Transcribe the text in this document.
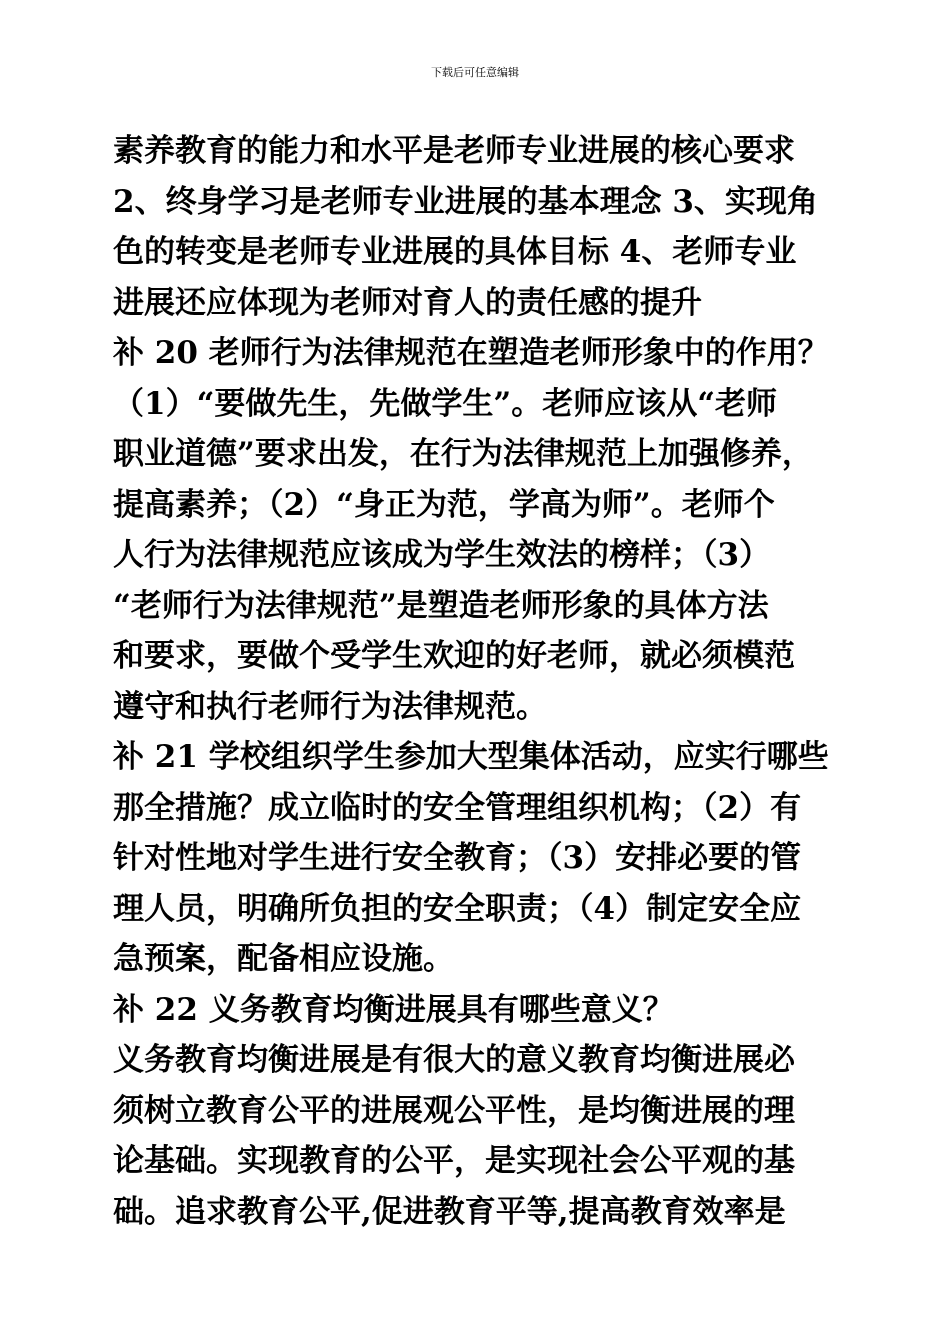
下载后可任意编辑
素养教育的能力和水平是老师专业进展的核心要求
2、终身学习是老师专业进展的基本理念 3、实现角
色的转变是老师专业进展的具体目标 4、老师专业
进展还应体现为老师对育人的责任感的提升
补 20 老师行为法律规范在塑造老师形象中的作用？
（1）“要做先生，先做学生”。老师应该从“老师
职业道德”要求出发，在行为法律规范上加强修养，
提高素养；（2）“身正为范，学高为师”。老师个
人行为法律规范应该成为学生效法的榜样；（3）
“老师行为法律规范”是塑造老师形象的具体方法
和要求，要做个受学生欢迎的好老师，就必须模范
遵守和执行老师行为法律规范。
补 21 学校组织学生参加大型集体活动，应实行哪些
那全措施？成立临时的安全管理组织机构；（2）有
针对性地对学生进行安全教育；（3）安排必要的管
理人员，明确所负担的安全职责；（4）制定安全应
急预案，配备相应设施。
补 22 义务教育均衡进展具有哪些意义？
义务教育均衡进展是有很大的意义教育均衡进展必
须树立教育公平的进展观公平性，是均衡进展的理
论基础。实现教育的公平，是实现社会公平观的基
础。追求教育公平,促进教育平等,提高教育效率是
